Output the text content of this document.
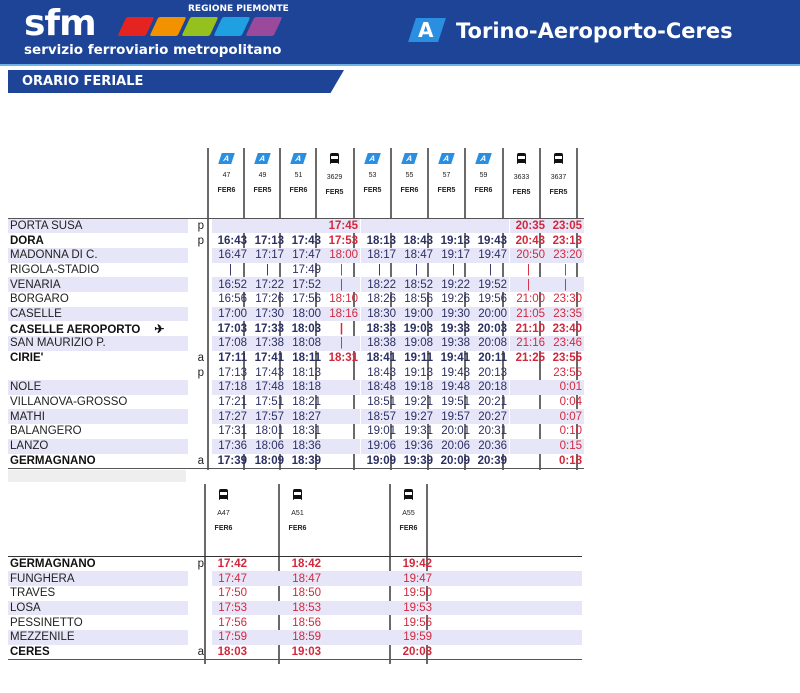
REGIONE PIEMONTE
sfm
servizio ferroviario metropolitano
A Torino-Aeroporto-Ceres
ORARIO FERIALE
A
47
FER6
A
49
FER5
A
51
FER6
3629
FER5
A
53
FER5
A
55
FER6
A
57
FER5
A
59
FER6
3633
FER5
3637
FER5
PORTA SUSA	p				17:45							20:35	23:05
DORA	p	16:43	17:13	17:43	17:53		18:13	18:43	19:13	19:43		20:43	23:13
MADONNA DI C.		16:47	17:17	17:47	18:00		18:17	18:47	19:17	19:47		20:50	23:20
RIGOLA-STADIO		|	|	17:49	|		|	|	|	|		|	|
VENARIA		16:52	17:22	17:52	|		18:22	18:52	19:22	19:52		|	|
BORGARO		16:56	17:26	17:56	18:10		18:26	18:56	19:26	19:56		21:00	23:30
CASELLE		17:00	17:30	18:00	18:16		18:30	19:00	19:30	20:00		21:05	23:35
CASELLE AEROPORTO ✈		17:03	17:33	18:03	|		18:33	19:03	19:33	20:03		21:10	23:40
SAN MAURIZIO P.		17:08	17:38	18:08	|		18:38	19:08	19:38	20:08		21:16	23:46
CIRIE'	a	17:11	17:41	18:11	18:31		18:41	19:11	19:41	20:11		21:25	23:55
	p	17:13	17:43	18:13			18:43	19:13	19:43	20:13			23:55
NOLE		17:18	17:48	18:18			18:48	19:18	19:48	20:18			0:01
VILLANOVA-GROSSO		17:21	17:51	18:21			18:51	19:21	19:51	20:21			0:04
MATHI		17:27	17:57	18:27			18:57	19:27	19:57	20:27			0:07
BALANGERO		17:31	18:01	18:31			19:01	19:31	20:01	20:31			0:10
LANZO		17:36	18:06	18:36			19:06	19:36	20:06	20:36			0:15
GERMAGNANO	a	17:39	18:09	18:39			19:09	19:39	20:09	20:39			0:18
A47
FER6
A51
FER6
A55
FER6
GERMAGNANO	p	17:42		18:42		19:42	
FUNGHERA		17:47		18:47		19:47	
TRAVES		17:50		18:50		19:50	
LOSA		17:53		18:53		19:53	
PESSINETTO		17:56		18:56		19:56	
MEZZENILE		17:59		18:59		19:59	
CERES	a	18:03		19:03		20:03	
